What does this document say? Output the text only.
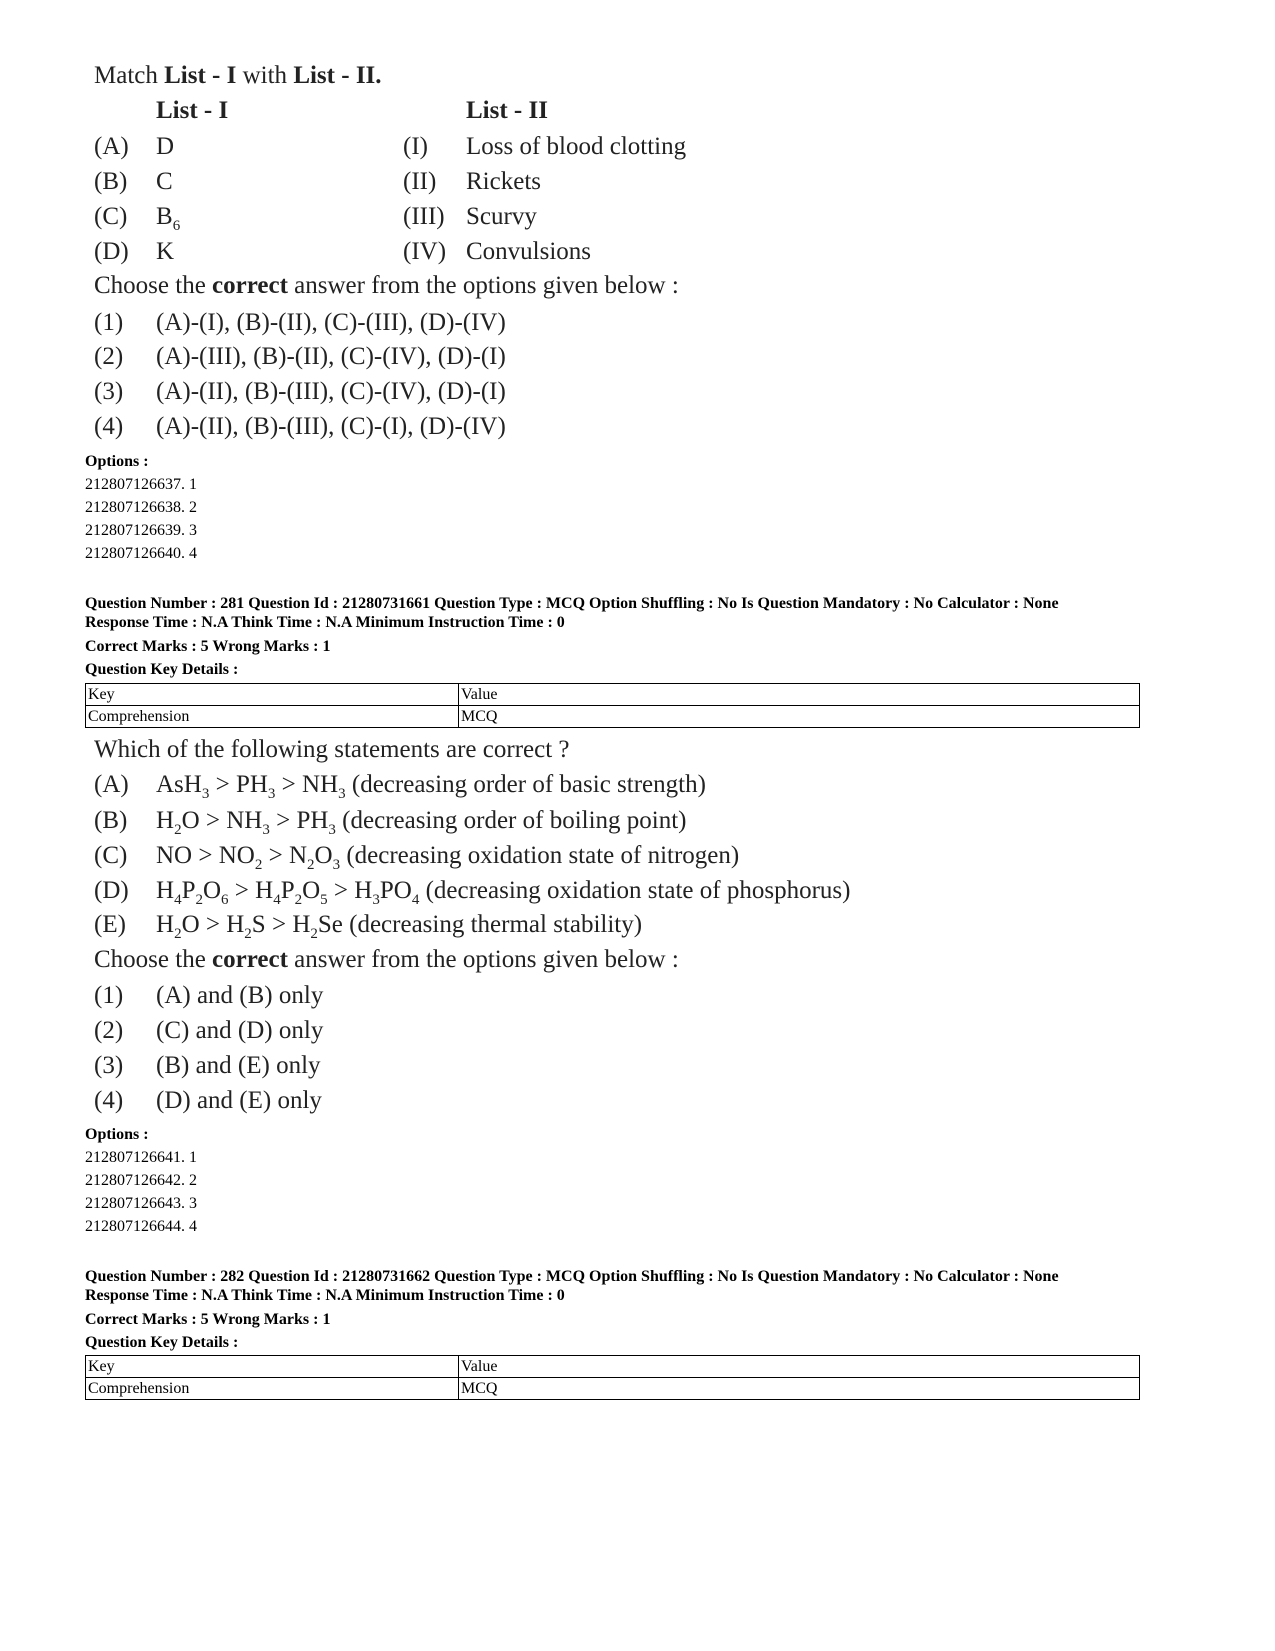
Match List - I with List - II.
List - I	List - II
(A) D	(I) Loss of blood clotting
(B) C	(II) Rickets
(C) $B_6$	(III) Scurvy
(D) K	(IV) Convulsions
Choose the correct answer from the options given below :
(1) (A)-(I), (B)-(II), (C)-(III), (D)-(IV)
(2) (A)-(III), (B)-(II), (C)-(IV), (D)-(I)
(3) (A)-(II), (B)-(III), (C)-(IV), (D)-(I)
(4) (A)-(II), (B)-(III), (C)-(I), (D)-(IV)
Options :
212807126637. 1
212807126638. 2
212807126639. 3
212807126640. 4
Question Number : 281 Question Id : 21280731661 Question Type : MCQ Option Shuffling : No Is Question Mandatory : No Calculator : None
Response Time : N.A Think Time : N.A Minimum Instruction Time : 0
Correct Marks : 5 Wrong Marks : 1
Question Key Details :
Key	Value
Comprehension	MCQ
Which of the following statements are correct ?
(A) $AsH_3 > PH_3 > NH_3$ (decreasing order of basic strength)
(B) $H_2O > NH_3 > PH_3$ (decreasing order of boiling point)
(C) NO > $NO_2 > N_2O_3$ (decreasing oxidation state of nitrogen)
(D) $H_4P_2O_6 > H_4P_2O_5 > H_3PO_4$ (decreasing oxidation state of phosphorus)
(E) $H_2O > H_2S > H_2Se$ (decreasing thermal stability)
Choose the correct answer from the options given below :
(1) (A) and (B) only
(2) (C) and (D) only
(3) (B) and (E) only
(4) (D) and (E) only
Options :
212807126641. 1
212807126642. 2
212807126643. 3
212807126644. 4
Question Number : 282 Question Id : 21280731662 Question Type : MCQ Option Shuffling : No Is Question Mandatory : No Calculator : None
Response Time : N.A Think Time : N.A Minimum Instruction Time : 0
Correct Marks : 5 Wrong Marks : 1
Question Key Details :
Key	Value
Comprehension	MCQ
